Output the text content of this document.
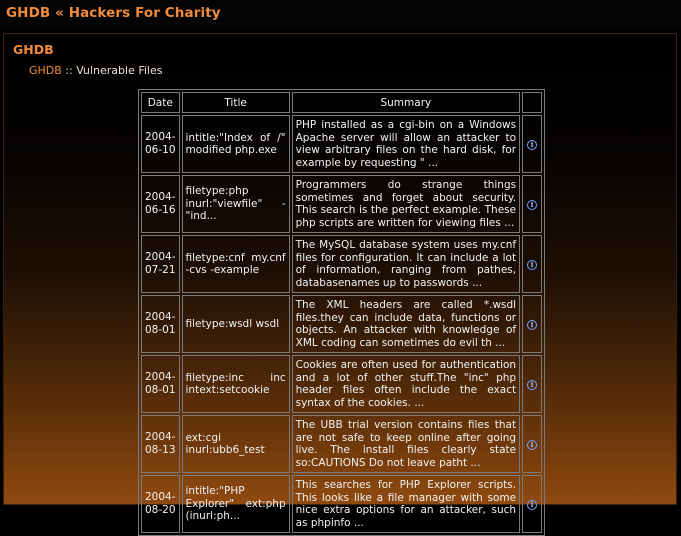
GHDB « Hackers For Charity
GHDB
GHDB :: Vulnerable Files
Date	Title	Summary	
2004-06-10	intitle:"Index of /" modified php.exe	PHP installed as a cgi-bin on a Windows Apache server will allow an attacker to view arbitrary files on the hard disk, for example by requesting " ...	i
2004-06-16	filetype:php inurl:"viewfile" -"ind...	Programmers do strange things sometimes and forget about security. This search is the perfect example. These php scripts are written for viewing files ...	i
2004-07-21	filetype:cnf my.cnf -cvs -example	The MySQL database system uses my.cnf files for configuration. It can include a lot of information, ranging from pathes, databasenames up to passwords ...	i
2004-08-01	filetype:wsdl wsdl	The XML headers are called *.wsdl files.they can include data, functions or objects. An attacker with knowledge of XML coding can sometimes do evil th ...	i
2004-08-01	filetype:inc inc intext:setcookie	Cookies are often used for authentication and a lot of other stuff.The "inc" php header files often include the exact syntax of the cookies. ...	i
2004-08-13	ext:cgi inurl:ubb6_test	The UBB trial version contains files that are not safe to keep online after going live. The install files clearly state so:CAUTIONS Do not leave patht ...	i
2004-08-20	intitle:"PHP Explorer" ext:php (inurl:ph...	This searches for PHP Explorer scripts. This looks like a file manager with some nice extra options for an attacker, such as phpinfo ...	i
